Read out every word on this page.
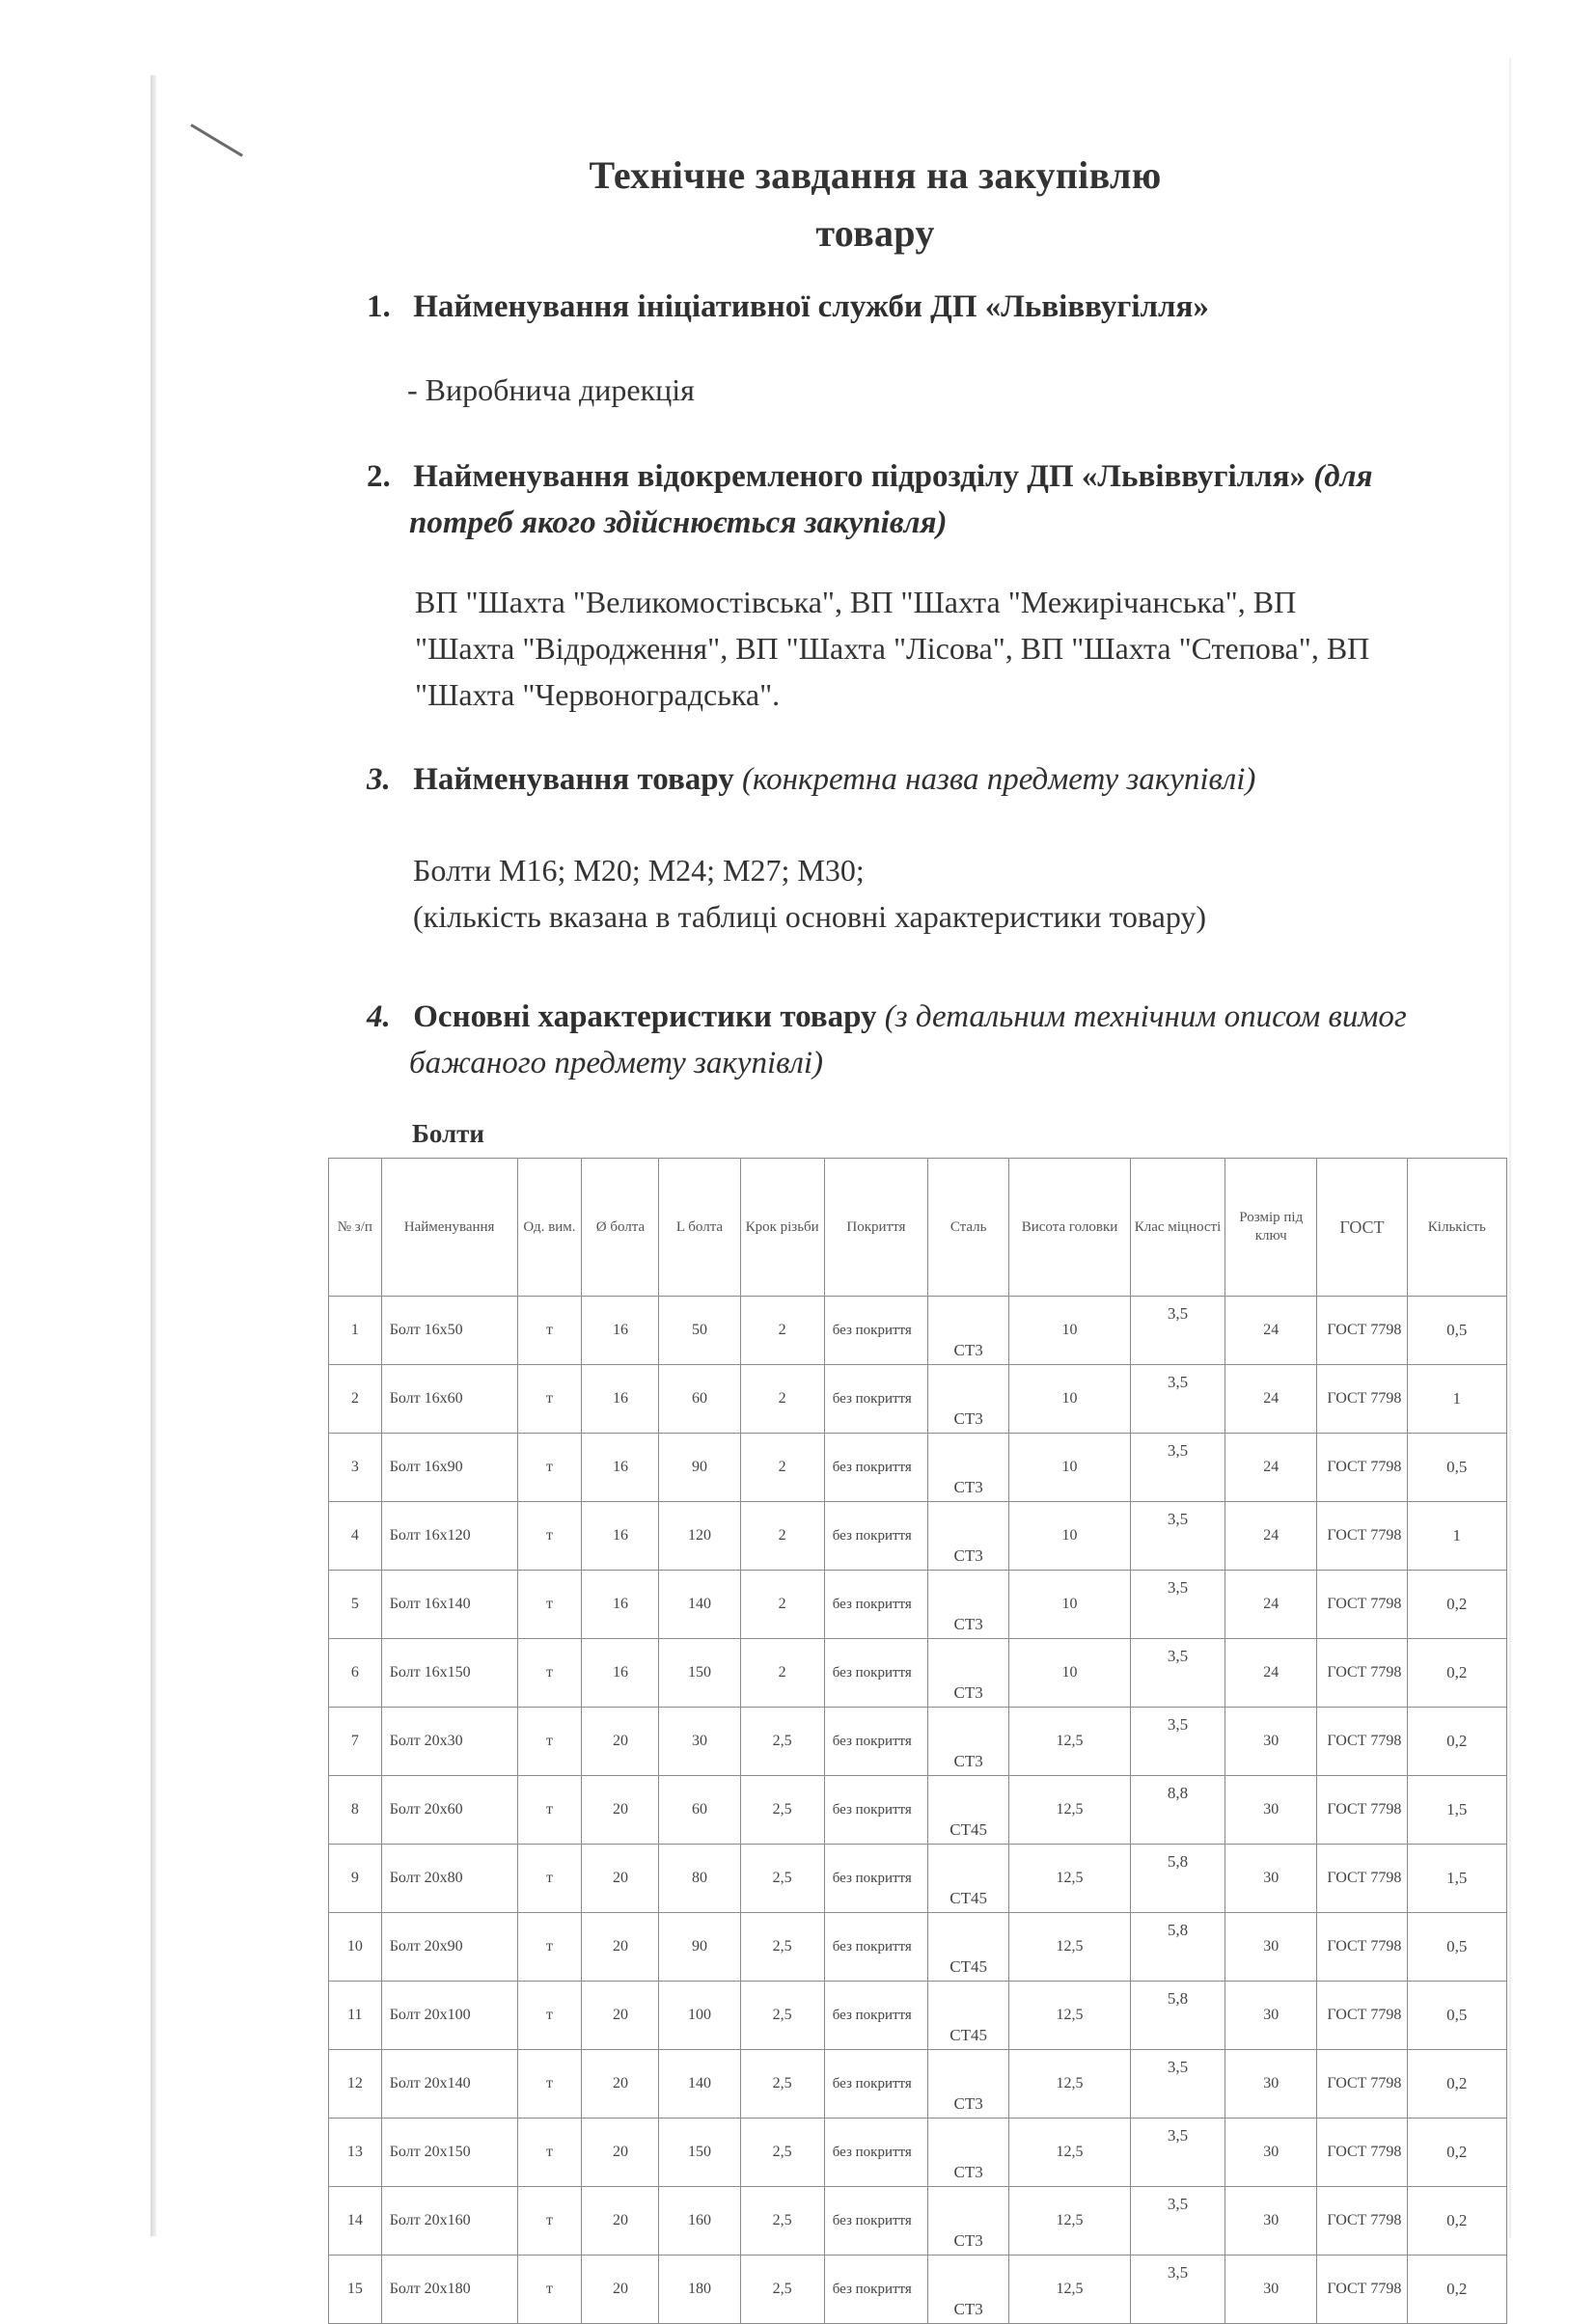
Технічне завдання на закупівлю
товару
1. Найменування ініціативної служби ДП «Львіввугілля»
- Виробнича дирекція
2. Найменування відокремленого підрозділу ДП «Львіввугілля» (для
потреб якого здійснюється закупівля)
ВП "Шахта "Великомостівська", ВП "Шахта "Межирічанська", ВП
"Шахта "Відродження", ВП "Шахта "Лісова", ВП "Шахта "Степова", ВП
"Шахта "Червоноградська".
3. Найменування товару (конкретна назва предмету закупівлі)
Болти М16; М20; М24; М27; М30;
(кількість вказана в таблиці основні характеристики товару)
4. Основні характеристики товару (з детальним технічним описом вимог
бажаного предмету закупівлі)
Болти
№ з/п	Найменування	Од. вим.	Ø болта	L болта	Крок різьби	Покриття	Сталь	Висота головки	Клас міцності	Розмір під ключ	ГОСТ	Кількість
1	Болт 16х50	т	16	50	2	без покриття	СТ3	10	3,5	24	ГОСТ 7798	0,5
2	Болт 16х60	т	16	60	2	без покриття	СТ3	10	3,5	24	ГОСТ 7798	1
3	Болт 16х90	т	16	90	2	без покриття	СТ3	10	3,5	24	ГОСТ 7798	0,5
4	Болт 16х120	т	16	120	2	без покриття	СТ3	10	3,5	24	ГОСТ 7798	1
5	Болт 16х140	т	16	140	2	без покриття	СТ3	10	3,5	24	ГОСТ 7798	0,2
6	Болт 16х150	т	16	150	2	без покриття	СТ3	10	3,5	24	ГОСТ 7798	0,2
7	Болт 20х30	т	20	30	2,5	без покриття	СТ3	12,5	3,5	30	ГОСТ 7798	0,2
8	Болт 20х60	т	20	60	2,5	без покриття	СТ45	12,5	8,8	30	ГОСТ 7798	1,5
9	Болт 20х80	т	20	80	2,5	без покриття	СТ45	12,5	5,8	30	ГОСТ 7798	1,5
10	Болт 20х90	т	20	90	2,5	без покриття	СТ45	12,5	5,8	30	ГОСТ 7798	0,5
11	Болт 20х100	т	20	100	2,5	без покриття	СТ45	12,5	5,8	30	ГОСТ 7798	0,5
12	Болт 20х140	т	20	140	2,5	без покриття	СТ3	12,5	3,5	30	ГОСТ 7798	0,2
13	Болт 20х150	т	20	150	2,5	без покриття	СТ3	12,5	3,5	30	ГОСТ 7798	0,2
14	Болт 20х160	т	20	160	2,5	без покриття	СТ3	12,5	3,5	30	ГОСТ 7798	0,2
15	Болт 20х180	т	20	180	2,5	без покриття	СТ3	12,5	3,5	30	ГОСТ 7798	0,2
